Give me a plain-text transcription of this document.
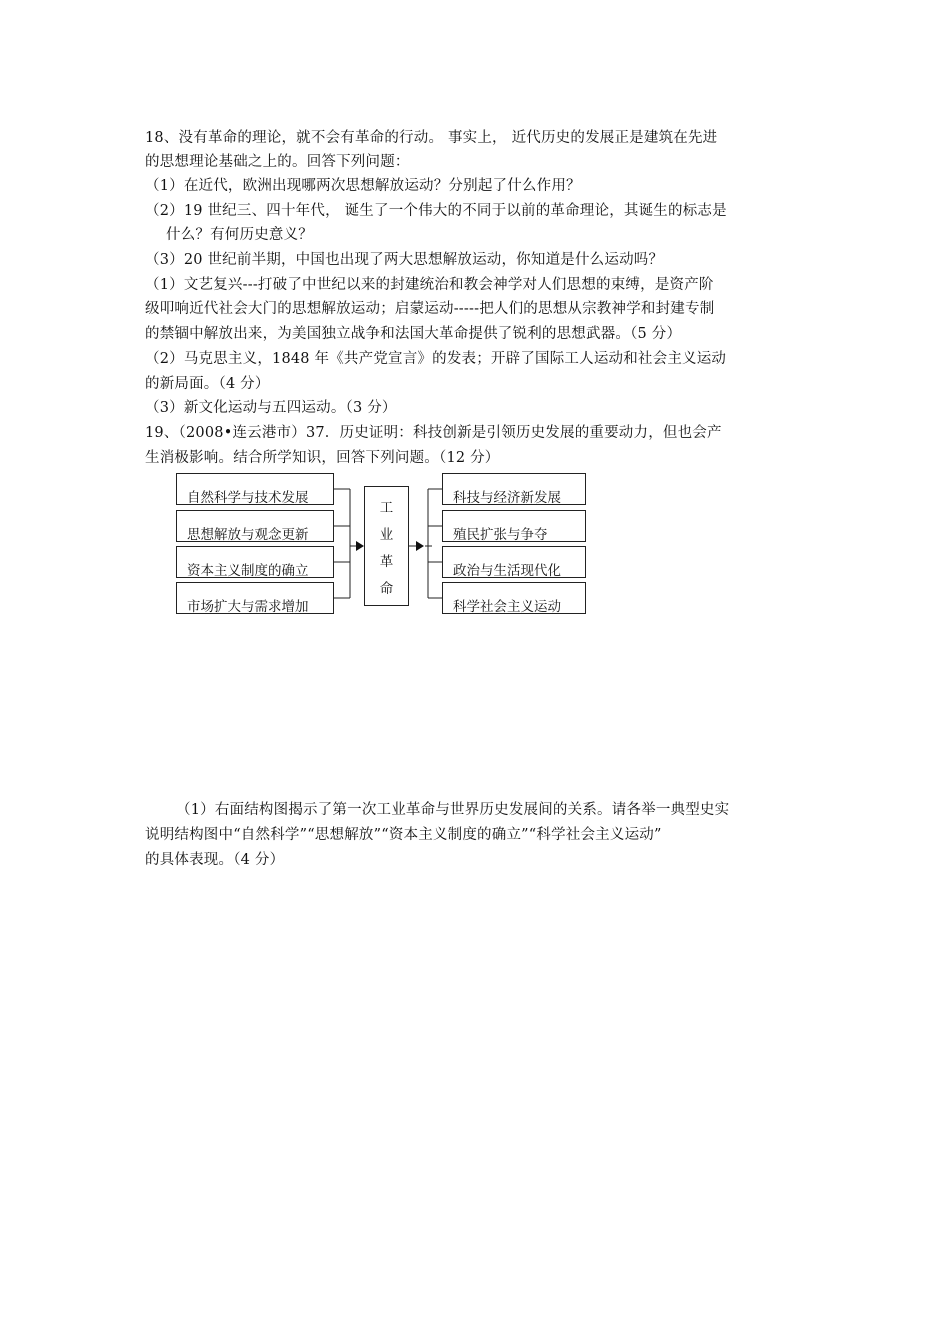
18、没有革命的理论，就不会有革命的行动。 事实上， 近代历史的发展正是建筑在先进
的思想理论基础之上的。回答下列问题：
（1）在近代，欧洲出现哪两次思想解放运动？分别起了什么作用？
（2）19 世纪三、四十年代， 诞生了一个伟大的不同于以前的革命理论，其诞生的标志是
什么？有何历史意义？
（3）20 世纪前半期，中国也出现了两大思想解放运动，你知道是什么运动吗？
（1）文艺复兴---打破了中世纪以来的封建统治和教会神学对人们思想的束缚，是资产阶
级叩响近代社会大门的思想解放运动；启蒙运动-----把人们的思想从宗教神学和封建专制
的禁锢中解放出来，为美国独立战争和法国大革命提供了锐利的思想武器。（5 分）
（2）马克思主义，1848 年《共产党宣言》的发表；开辟了国际工人运动和社会主义运动
的新局面。（4 分）
（3）新文化运动与五四运动。（3 分）
19、（2008•连云港市）37．历史证明：科技创新是引领历史发展的重要动力，但也会产
生消极影响。结合所学知识，回答下列问题。（12 分）
自然科学与技术发展
思想解放与观念更新
资本主义制度的确立
市场扩大与需求增加
工
业
革
命
科技与经济新发展
殖民扩张与争夺
政治与生活现代化
科学社会主义运动
（1）右面结构图揭示了第一次工业革命与世界历史发展间的关系。请各举一典型史实
说明结构图中“自然科学”“思想解放”“资本主义制度的确立”“科学社会主义运动”
的具体表现。（4 分）
